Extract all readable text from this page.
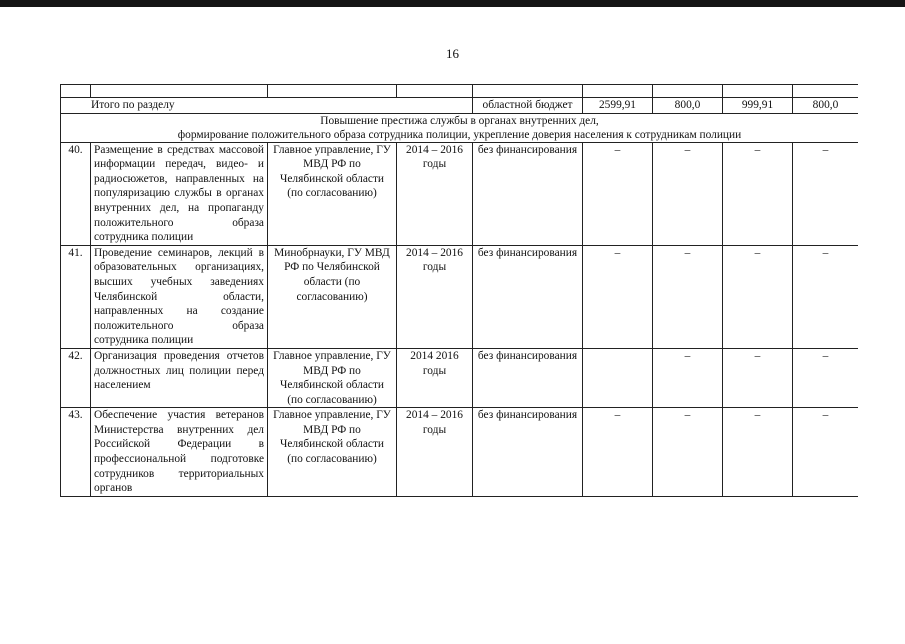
16

Итого по разделу				областной бюджет	2599,91	800,0	999,91	800,0

Повышение престижа службы в органах внутренних дел,
формирование положительного образа сотрудника полиции, укрепление доверия населения к сотрудникам полиции								

40.	Размещение в средствах массовой информации передач, видео- и радиосюжетов, направленных на популяризацию службы в органах внутренних дел, на пропаганду положительного образа сотрудника полиции	Главное управление, ГУ МВД РФ по Челябинской области (по согласованию)	2014 – 2016 годы	без финансирования	–	–	–	–
41.	Проведение семинаров, лекций в образовательных организациях, высших учебных заведениях Челябинской области, направленных на создание положительного образа сотрудника полиции	Минобрнауки, ГУ МВД РФ по Челябинской области (по согласованию)	2014 – 2016 годы	без финансирования	–	–	–	–
42.	Организация проведения отчетов должностных лиц полиции перед населением	Главное управление, ГУ МВД РФ по Челябинской области (по согласованию)	2014 2016 годы	без финансирования		–	–	–
43.	Обеспечение участия ветеранов Министерства внутренних дел Российской Федерации в профессиональной подготовке сотрудников территориальных органов	Главное управление, ГУ МВД РФ по Челябинской области (по согласованию)	2014 – 2016 годы	без финансирования	–	–	–	–
